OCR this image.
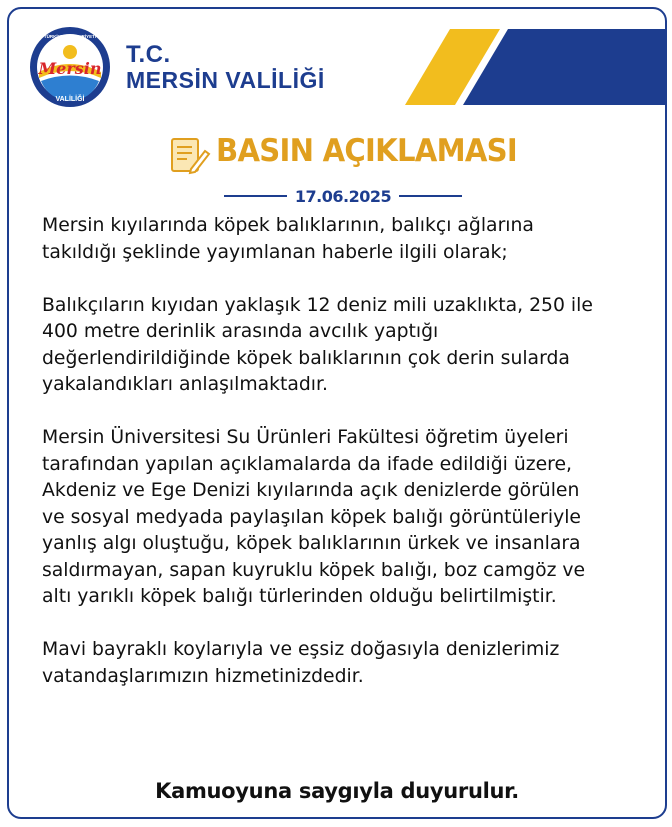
Mersin
VALİLİĞİ
TÜRKİYE CUMHURİYETİ
T.C.
MERSİN VALİLİĞİ
BASIN AÇIKLAMASI
17.06.2025

Mersin kıyılarında köpek balıklarının, balıkçı ağlarına
takıldığı şeklinde yayımlanan haberle ilgili olarak;

Balıkçıların kıyıdan yaklaşık 12 deniz mili uzaklıkta, 250 ile
400 metre derinlik arasında avcılık yaptığı
değerlendirildiğinde köpek balıklarının çok derin sularda
yakalandıkları anlaşılmaktadır.

Mersin Üniversitesi Su Ürünleri Fakültesi öğretim üyeleri
tarafından yapılan açıklamalarda da ifade edildiği üzere,
Akdeniz ve Ege Denizi kıyılarında açık denizlerde görülen
ve sosyal medyada paylaşılan köpek balığı görüntüleriyle
yanlış algı oluştuğu, köpek balıklarının ürkek ve insanlara
saldırmayan, sapan kuyruklu köpek balığı, boz camgöz ve
altı yarıklı köpek balığı türlerinden olduğu belirtilmiştir.

Mavi bayraklı koylarıyla ve eşsiz doğasıyla denizlerimiz
vatandaşlarımızın hizmetinizdedir.

Kamuoyuna saygıyla duyurulur.
